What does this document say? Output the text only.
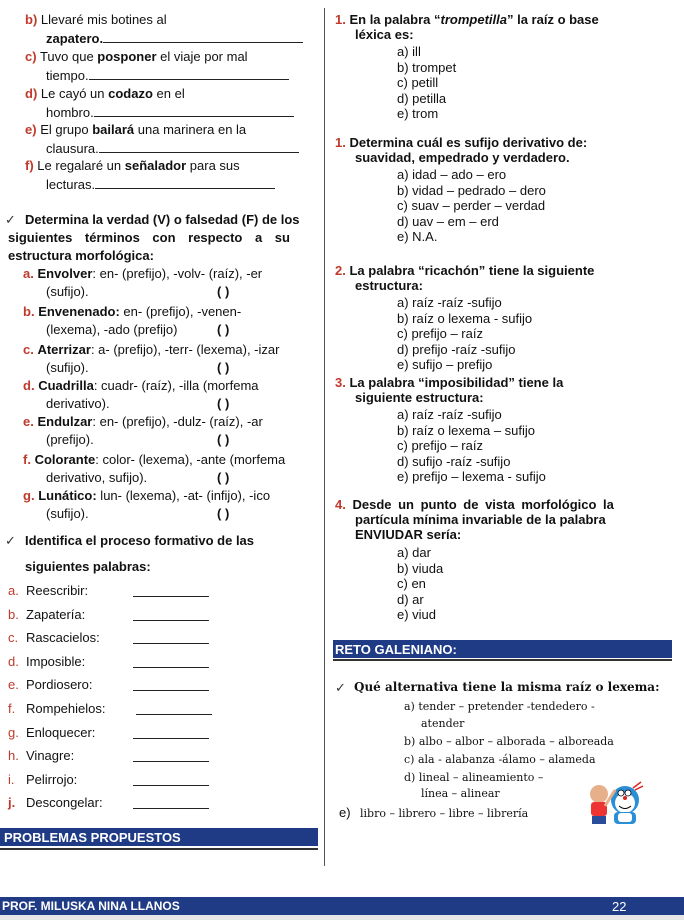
b) Llevaré mis botines al
zapatero.
c) Tuvo que posponer el viaje por mal
tiempo.
d) Le cayó un codazo en el
hombro.
e) El grupo bailará una marinera en la
clausura.
f) Le regalaré un señalador para sus
lecturas.
✓ Determina la verdad (V) o falsedad (F) de los
siguientes términos con respecto a su
estructura morfológica:
a. Envolver: en- (prefijo), -volv- (raíz), -er
(sufijo).	( )
b. Envenenado: en- (prefijo), -venen-
(lexema), -ado (prefijo)	( )
c. Aterrizar: a- (prefijo), -terr- (lexema), -izar
(sufijo).	( )
d. Cuadrilla: cuadr- (raíz), -illa (morfema
derivativo).	( )
e. Endulzar: en- (prefijo), -dulz- (raíz), -ar
(prefijo).	( )
f. Colorante: color- (lexema), -ante (morfema
derivativo, sufijo).	( )
g. Lunático: lun- (lexema), -at- (infijo), -ico
(sufijo).	( )
✓ Identifica el proceso formativo de las
siguientes palabras:
a. Reescribir:
b. Zapatería:
c. Rascacielos:
d. Imposible:
e. Pordiosero:
f. Rompehielos:
g. Enloquecer:
h. Vinagre:
i. Pelirrojo:
j. Descongelar:
PROBLEMAS PROPUESTOS
1. En la palabra “trompetilla” la raíz o base
léxica es:
a) ill
b) trompet
c) petill
d) petilla
e) trom
1. Determina cuál es sufijo derivativo de:
suavidad, empedrado y verdadero.
a) idad – ado – ero
b) vidad – pedrado – dero
c) suav – perder – verdad
d) uav – em – erd
e) N.A.
2. La palabra “ricachón” tiene la siguiente
estructura:
a) raíz -raíz -sufijo
b) raíz o lexema - sufijo
c) prefijo – raíz
d) prefijo -raíz -sufijo
e) sufijo – prefijo
3. La palabra “imposibilidad” tiene la
siguiente estructura:
a) raíz -raíz -sufijo
b) raíz o lexema – sufijo
c) prefijo – raíz
d) sufijo -raíz -sufijo
e) prefijo – lexema - sufijo
4. Desde un punto de vista morfológico la
partícula mínima invariable de la palabra
ENVIUDAR sería:
a) dar
b) viuda
c) en
d) ar
e) viud
RETO GALENIANO:
✓ Qué alternativa tiene la misma raíz o lexema:
a) tender – pretender -tendedero -
atender
b) albo – albor – alborada – alboreada
c) ala - alabanza -álamo – alameda
d) lineal – alineamiento –
línea – alinear
e) libro – librero – libre – librería
PROF. MILUSKA NINA LLANOS	22
